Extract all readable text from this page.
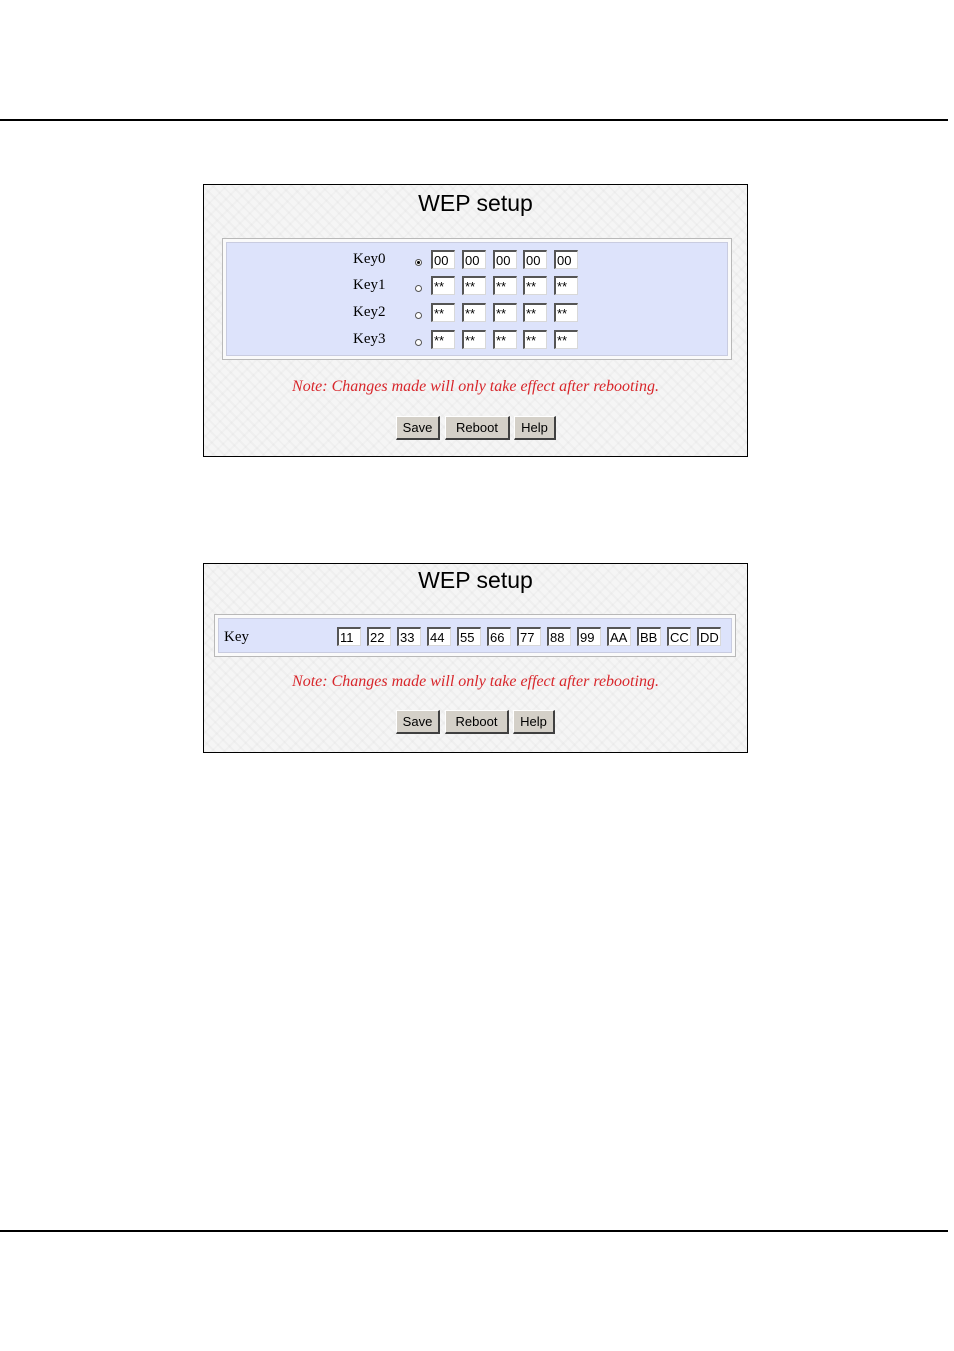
WEP setup
Key0
00
00
00
00
00
Key1
**
**
**
**
**
Key2
**
**
**
**
**
Key3
**
**
**
**
**
Note: Changes made will only take effect after rebooting.
Save	Reboot	Help
WEP setup
Key
11
22
33
44
55
66
77
88
99
AA
BB
CC
DD
Note: Changes made will only take effect after rebooting.
Save	Reboot	Help
